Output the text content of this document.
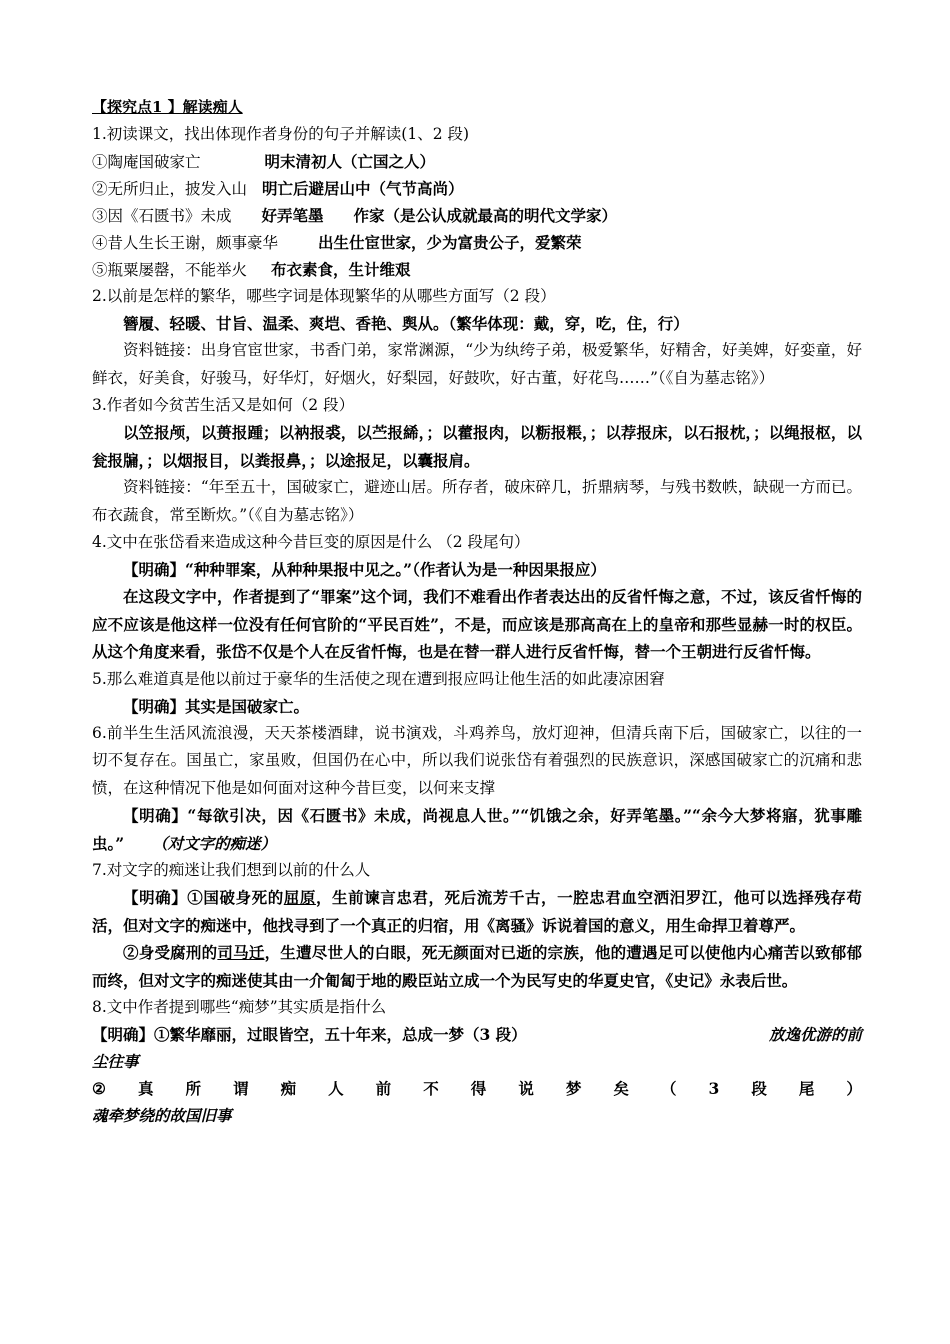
【探究点1 】解读痴人
1.初读课文，找出体现作者身份的句子并解读(1、2 段)
①陶庵国破家亡	明末清初人（亡国之人）
②无所归止，披发入山 明亡后避居山中（气节高尚）
③因《石匮书》未成 好弄笔墨 作家（是公认成就最高的明代文学家）
④昔人生长王谢，颇事豪华	出生仕宦世家，少为富贵公子，爱繁荣
⑤瓶粟屡罄，不能举火 布衣素食，生计维艰
2.以前是怎样的繁华，哪些字词是体现繁华的从哪些方面写（2 段）
簪履、轻暖、甘旨、温柔、爽垲、香艳、舆从。（繁华体现：戴，穿，吃，住，行）
资料链接：出身官宦世家，书香门弟，家常渊源，“少为纨绔子弟，极爱繁华，好精舍，好美婢，好娈童，好鲜衣，好美食，好骏马，好华灯，好烟火，好梨园，好鼓吹，好古董，好花鸟……”（《自为墓志铭》）
3.作者如今贫苦生活又是如何（2 段）
以笠报颅，以蒉报踵；以衲报裘，以苎报絺，；以藿报肉，以粝报粻，；以荐报床，以石报枕，；以绳报枢，以瓮报牖，；以烟报目，以粪报鼻，；以途报足，以囊报肩。
资料链接：“年至五十，国破家亡，避迹山居。所存者，破床碎几，折鼎病琴，与残书数帙，缺砚一方而已。布衣蔬食，常至断炊。”（《自为墓志铭》）
4.文中在张岱看来造成这种今昔巨变的原因是什么 （2 段尾句）
【明确】“种种罪案，从种种果报中见之。”（作者认为是一种因果报应）
在这段文字中，作者提到了“罪案”这个词，我们不难看出作者表达出的反省忏悔之意，不过，该反省忏悔的应不应该是他这样一位没有任何官阶的“平民百姓”，不是，而应该是那高高在上的皇帝和那些显赫一时的权臣。从这个角度来看，张岱不仅是个人在反省忏悔，也是在替一群人进行反省忏悔，替一个王朝进行反省忏悔。
5.那么难道真是他以前过于豪华的生活使之现在遭到报应吗让他生活的如此凄凉困窘
【明确】其实是国破家亡。
6.前半生生活风流浪漫，天天茶楼酒肆，说书演戏，斗鸡养鸟，放灯迎神，但清兵南下后，国破家亡，以往的一切不复存在。国虽亡，家虽败，但国仍在心中，所以我们说张岱有着强烈的民族意识，深感国破家亡的沉痛和悲愤，在这种情况下他是如何面对这种今昔巨变，以何来支撑
【明确】“每欲引决，因《石匮书》未成，尚视息人世。”“饥饿之余，好弄笔墨。”“余今大梦将寤，犹事雕虫。” （对文字的痴迷）
7.对文字的痴迷让我们想到以前的什么人
【明确】①国破身死的屈原，生前谏言忠君，死后流芳千古，一腔忠君血空洒汨罗江，他可以选择残存苟活，但对文字的痴迷中，他找寻到了一个真正的归宿，用《离骚》诉说着国的意义，用生命捍卫着尊严。
②身受腐刑的司马迁，生遭尽世人的白眼，死无颜面对已逝的宗族，他的遭遇足可以使他内心痛苦以致郁郁而终，但对文字的痴迷使其由一介匍匐于地的殿臣站立成一个为民写史的华夏史官，《史记》永表后世。
8.文中作者提到哪些“痴梦”其实质是指什么
【明确】①繁华靡丽，过眼皆空，五十年来，总成一梦（3 段）	放逸优游的前
尘往事
② 真 所 谓 痴 人 前 不 得 说 梦 矣 （ 3 段 尾 ）
魂牵梦绕的故国旧事
